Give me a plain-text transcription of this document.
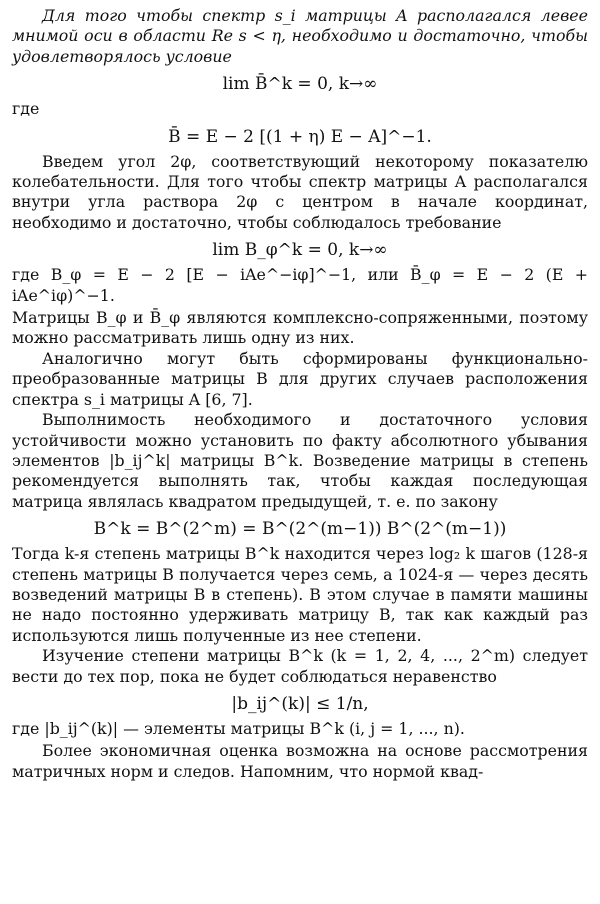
Для того чтобы спектр s_i матрицы A располагался левее мнимой оси в области Re s < η, необходимо и достаточно, чтобы удовлетворялось условие

lim B̄^k = 0, k→∞

где

B̄ = E − 2 [(1 + η) E − A]^−1.

Введем угол 2φ, соответствующий некоторому показателю колебательности. Для того чтобы спектр матрицы A располагался внутри угла раствора 2φ с центром в начале координат, необходимо и достаточно, чтобы соблюдалось требование

lim B_φ^k = 0, k→∞

где B_φ = E − 2 [E − iAe^−iφ]^−1, или B̄_φ = E − 2 (E + iAe^iφ)^−1.

Матрицы B_φ и B̄_φ являются комплексно-сопряженными, поэтому можно рассматривать лишь одну из них.

Аналогично могут быть сформированы функционально-преобразованные матрицы B для других случаев расположения спектра s_i матрицы A [6, 7].

Выполнимость необходимого и достаточного условия устойчивости можно установить по факту абсолютного убывания элементов |b_ij^k| матрицы B^k. Возведение матрицы в степень рекомендуется выполнять так, чтобы каждая последующая матрица являлась квадратом предыдущей, т. е. по закону

B^k = B^(2^m) = B^(2^(m−1)) B^(2^(m−1))

Тогда k-я степень матрицы B^k находится через log₂ k шагов (128-я степень матрицы B получается через семь, а 1024-я — через десять возведений матрицы B в степень). В этом случае в памяти машины не надо постоянно удерживать матрицу B, так как каждый раз используются лишь полученные из нее степени.

Изучение степени матрицы B^k (k = 1, 2, 4, ..., 2^m) следует вести до тех пор, пока не будет соблюдаться неравенство

|b_ij^(k)| ≤ 1/n,

где |b_ij^(k)| — элементы матрицы B^k (i, j = 1, ..., n).

Более экономичная оценка возможна на основе рассмотрения матричных норм и следов. Напомним, что нормой квад-
